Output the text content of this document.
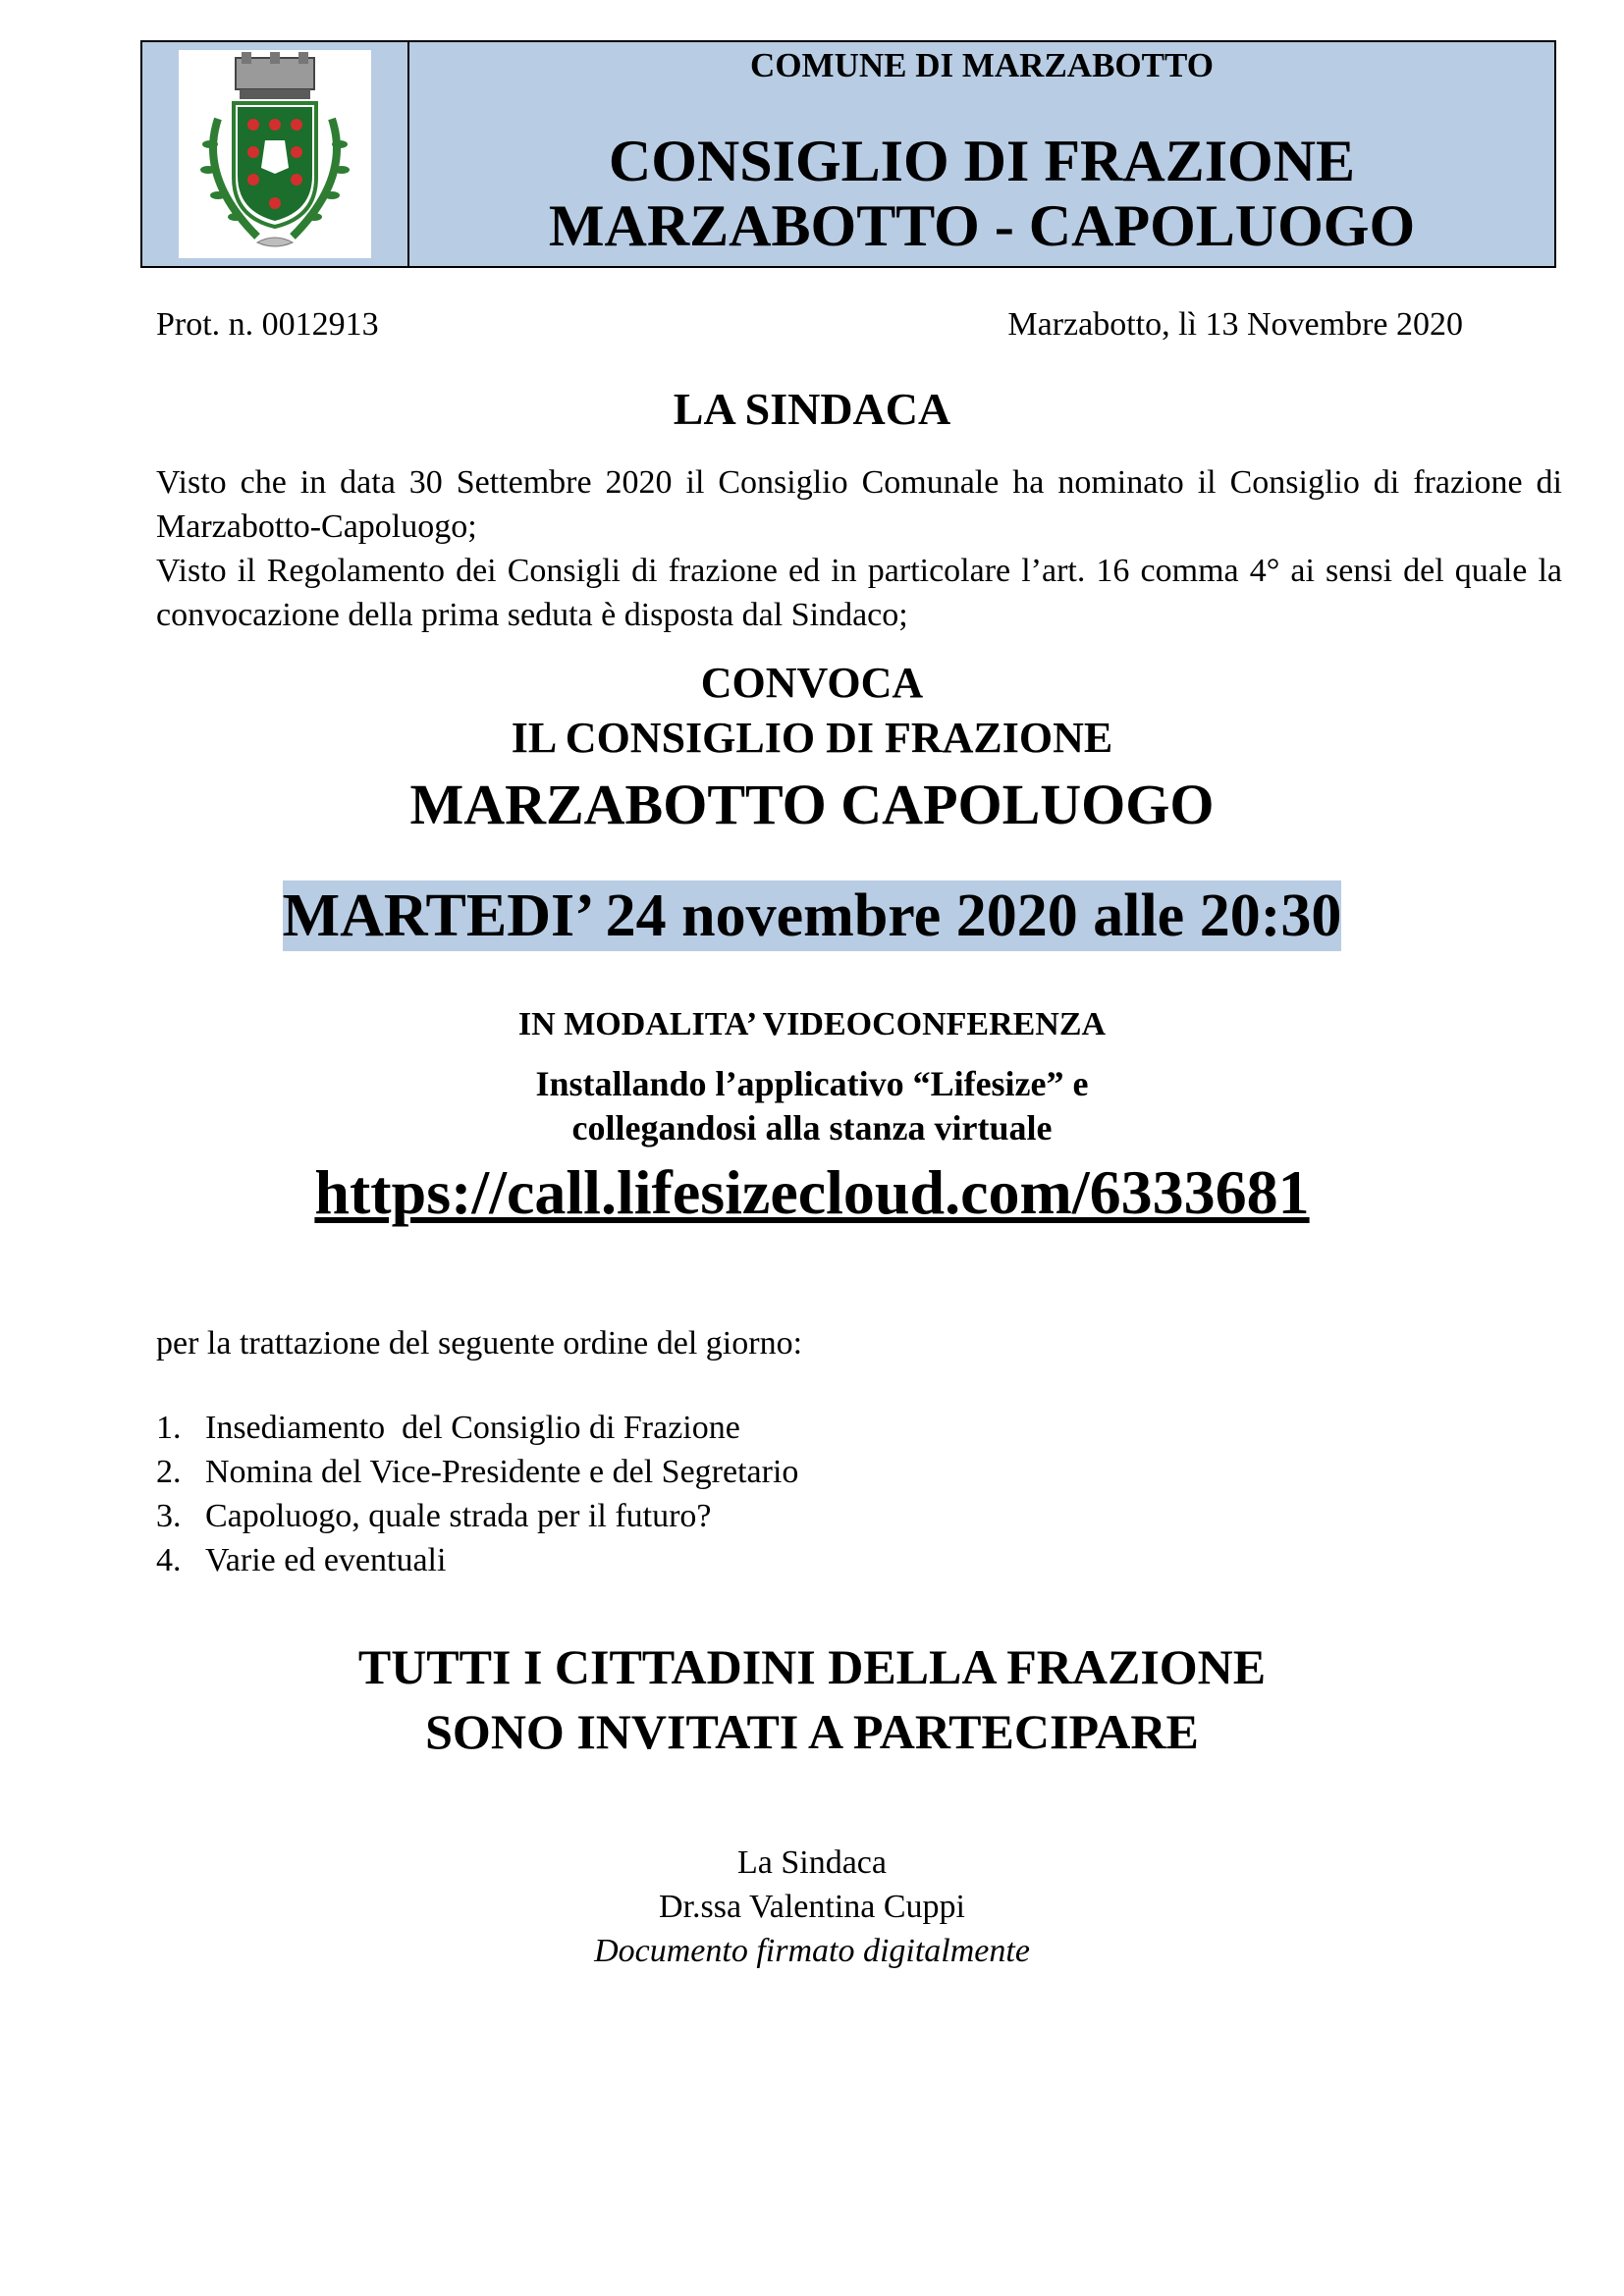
COMUNE DI MARZABOTTO
CONSIGLIO DI FRAZIONE
MARZABOTTO - CAPOLUOGO
Prot. n. 0012913	Marzabotto, lì 13 Novembre 2020
LA SINDACA
Visto che in data 30 Settembre 2020 il Consiglio Comunale ha nominato il Consiglio di frazione di Marzabotto-Capoluogo;
Visto il Regolamento dei Consigli di frazione ed in particolare l’art. 16 comma 4° ai sensi del quale la convocazione della prima seduta è disposta dal Sindaco;
CONVOCA
IL CONSIGLIO DI FRAZIONE
MARZABOTTO CAPOLUOGO
MARTEDI’ 24 novembre 2020 alle 20:30
IN MODALITA’ VIDEOCONFERENZA
Installando l’applicativo “Lifesize” e
collegandosi alla stanza virtuale
https://call.lifesizecloud.com/6333681
per la trattazione del seguente ordine del giorno:
1. Insediamento  del Consiglio di Frazione
2. Nomina del Vice-Presidente e del Segretario
3. Capoluogo, quale strada per il futuro?
4. Varie ed eventuali
TUTTI I CITTADINI DELLA FRAZIONE
SONO INVITATI A PARTECIPARE
La Sindaca
Dr.ssa Valentina Cuppi
Documento firmato digitalmente
